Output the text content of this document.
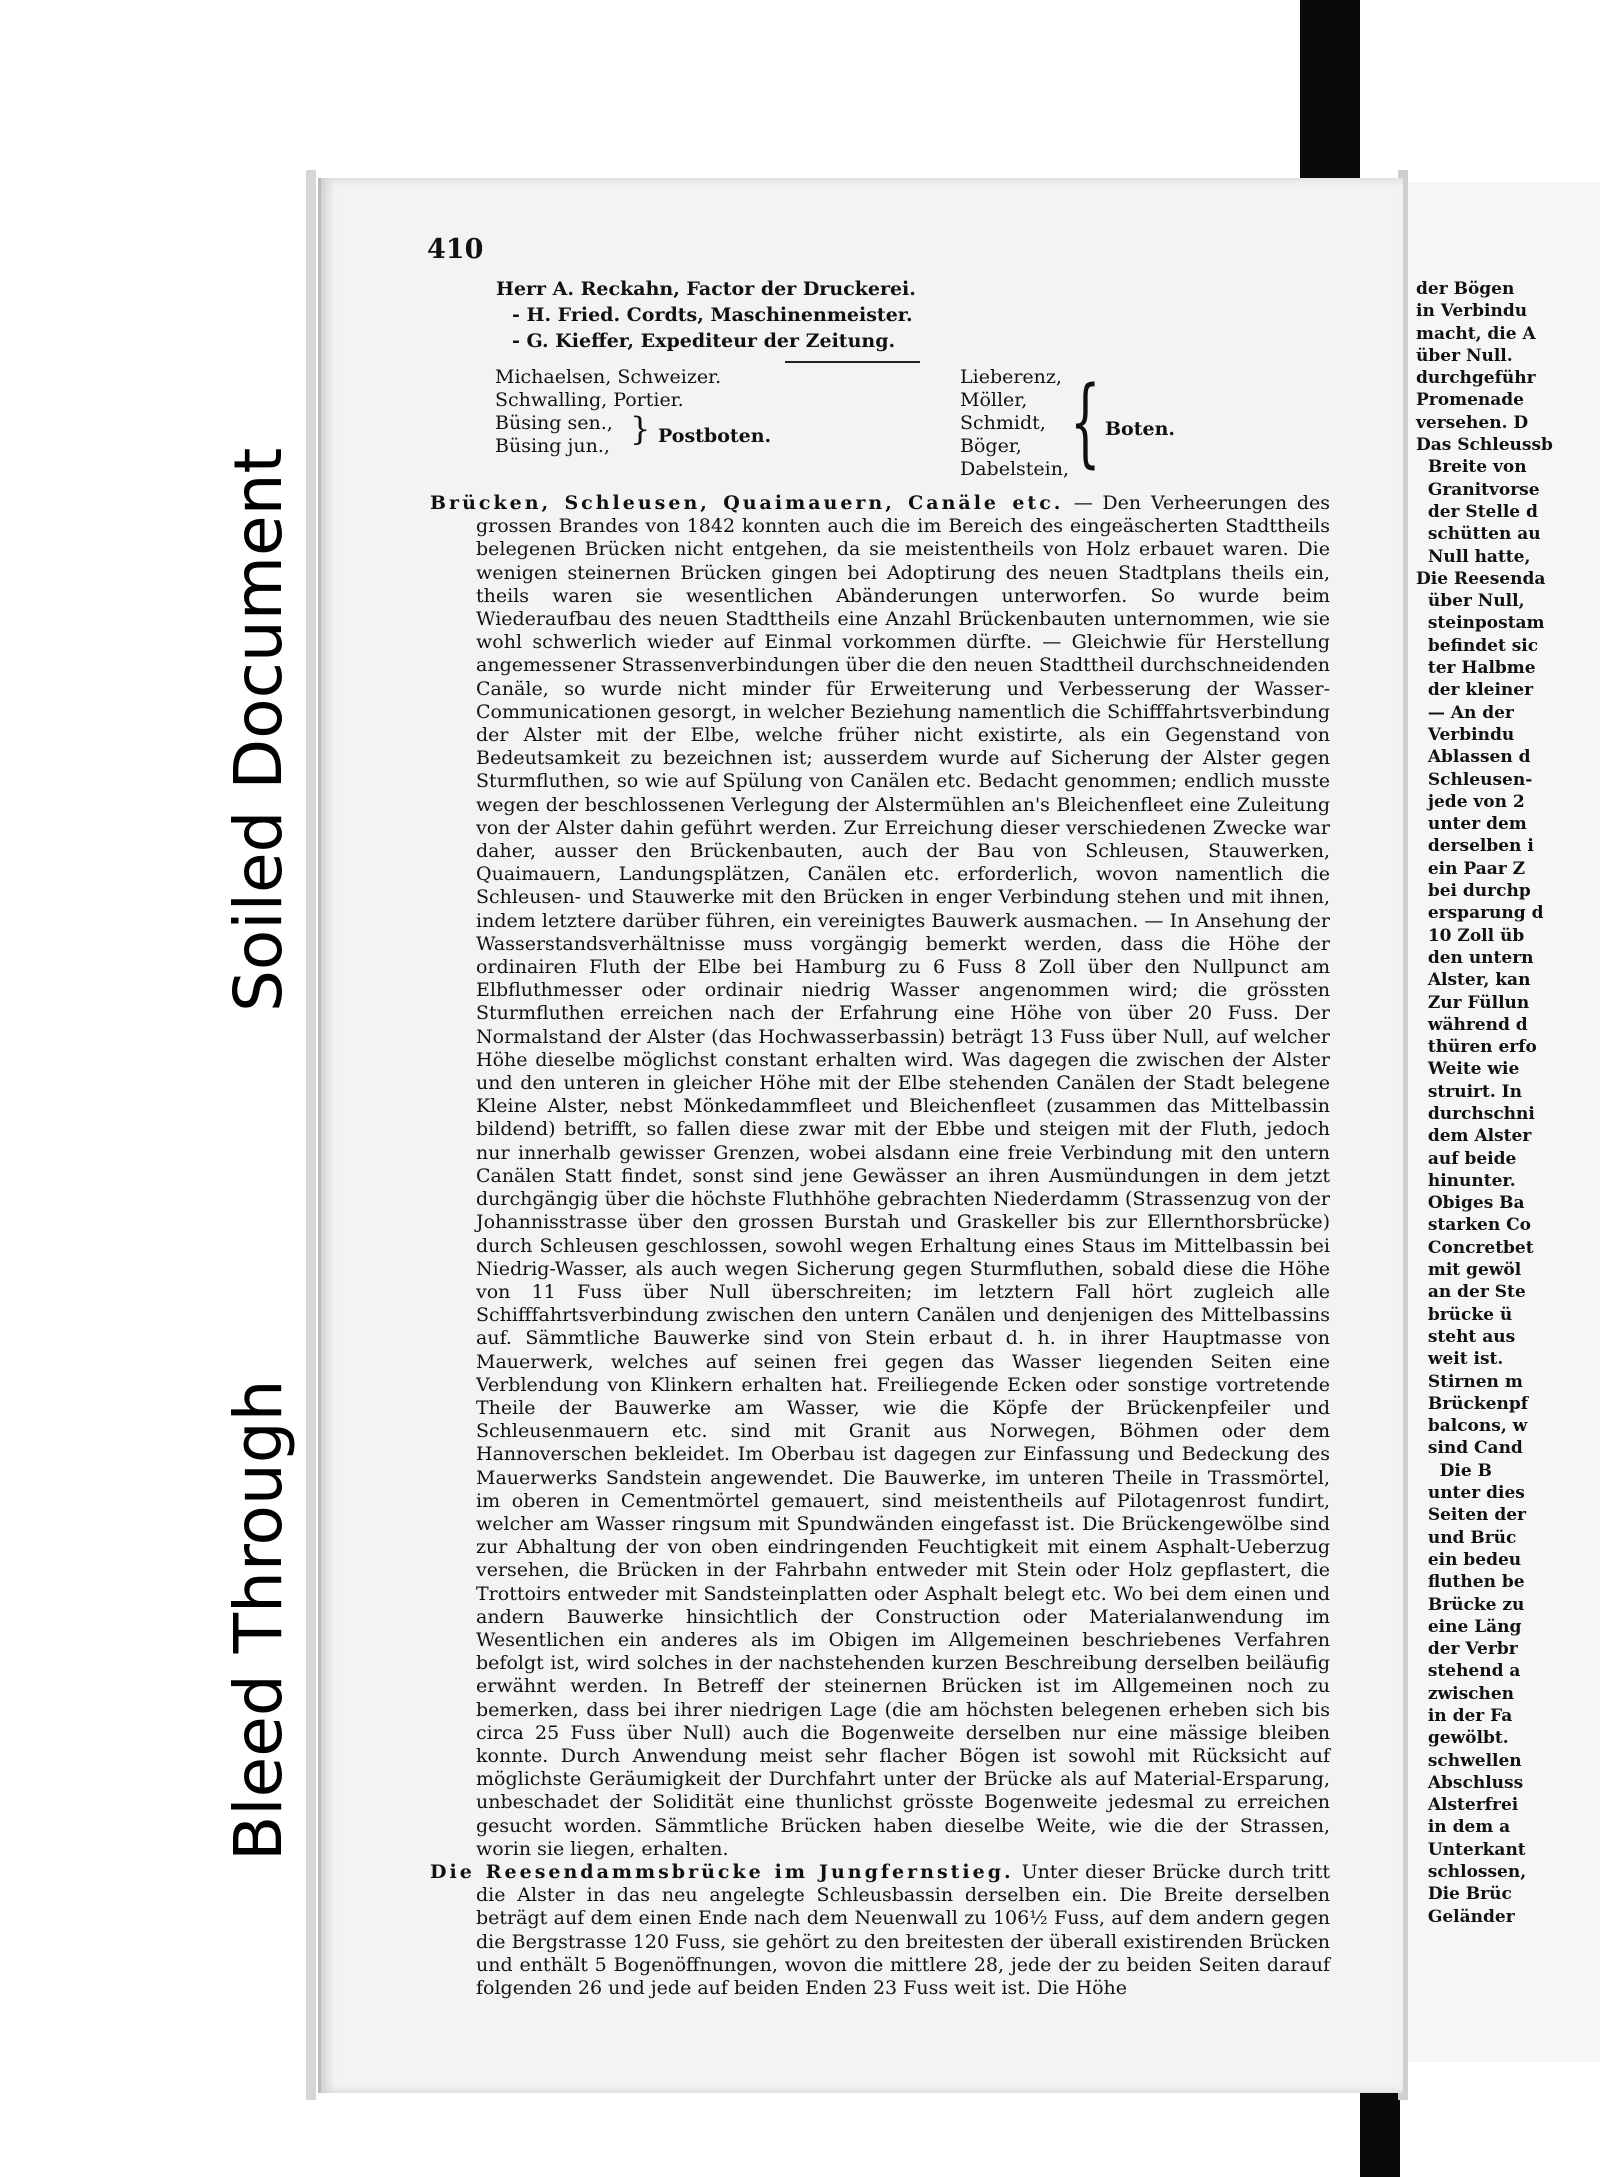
410
Herr A. Reckahn, Factor der Druckerei.
- H. Fried. Cordts, Maschinenmeister.
- G. Kieffer, Expediteur der Zeitung.
Michaelsen, Schweizer.
Schwalling, Portier.
Büsing sen.,
Büsing jun., } Postboten.
Lieberenz,
Möller,
Schmidt,
Böger,
Dabelstein, { Boten.

Brücken, Schleusen, Quaimauern, Canäle etc. — Den Verheerungen des grossen Brandes von 1842 konnten auch die im Bereich des eingeäscherten Stadttheils belegenen Brücken nicht entgehen, da sie meistentheils von Holz erbauet waren. Die wenigen steinernen Brücken gingen bei Adoptirung des neuen Stadtplans theils ein, theils waren sie wesentlichen Abänderungen unterworfen. So wurde beim Wiederaufbau des neuen Stadttheils eine Anzahl Brückenbauten unternommen, wie sie wohl schwerlich wieder auf Einmal vorkommen dürfte. — Gleichwie für Herstellung angemessener Strassenverbindungen über die den neuen Stadttheil durchschneidenden Canäle, so wurde nicht minder für Erweiterung und Verbesserung der Wasser-Communicationen gesorgt, in welcher Beziehung namentlich die Schifffahrtsverbindung der Alster mit der Elbe, welche früher nicht existirte, als ein Gegenstand von Bedeutsamkeit zu bezeichnen ist; ausserdem wurde auf Sicherung der Alster gegen Sturmfluthen, so wie auf Spülung von Canälen etc. Bedacht genommen; endlich musste wegen der beschlossenen Verlegung der Alstermühlen an's Bleichenfleet eine Zuleitung von der Alster dahin geführt werden. Zur Erreichung dieser verschiedenen Zwecke war daher, ausser den Brückenbauten, auch der Bau von Schleusen, Stauwerken, Quaimauern, Landungsplätzen, Canälen etc. erforderlich, wovon namentlich die Schleusen- und Stauwerke mit den Brücken in enger Verbindung stehen und mit ihnen, indem letztere darüber führen, ein vereinigtes Bauwerk ausmachen. — In Ansehung der Wasserstandsverhältnisse muss vorgängig bemerkt werden, dass die Höhe der ordinairen Fluth der Elbe bei Hamburg zu 6 Fuss 8 Zoll über den Nullpunct am Elbfluthmesser oder ordinair niedrig Wasser angenommen wird; die grössten Sturmfluthen erreichen nach der Erfahrung eine Höhe von über 20 Fuss. Der Normalstand der Alster (das Hochwasserbassin) beträgt 13 Fuss über Null, auf welcher Höhe dieselbe möglichst constant erhalten wird. Was dagegen die zwischen der Alster und den unteren in gleicher Höhe mit der Elbe stehenden Canälen der Stadt belegene Kleine Alster, nebst Mönkedammfleet und Bleichenfleet (zusammen das Mittelbassin bildend) betrifft, so fallen diese zwar mit der Ebbe und steigen mit der Fluth, jedoch nur innerhalb gewisser Grenzen, wobei alsdann eine freie Verbindung mit den untern Canälen Statt findet, sonst sind jene Gewässer an ihren Ausmündungen in dem jetzt durchgängig über die höchste Fluthhöhe gebrachten Niederdamm (Strassenzug von der Johannisstrasse über den grossen Burstah und Graskeller bis zur Ellernthorsbrücke) durch Schleusen geschlossen, sowohl wegen Erhaltung eines Staus im Mittelbassin bei Niedrig-Wasser, als auch wegen Sicherung gegen Sturmfluthen, sobald diese die Höhe von 11 Fuss über Null überschreiten; im letztern Fall hört zugleich alle Schifffahrtsverbindung zwischen den untern Canälen und denjenigen des Mittelbassins auf. Sämmtliche Bauwerke sind von Stein erbaut d. h. in ihrer Hauptmasse von Mauerwerk, welches auf seinen frei gegen das Wasser liegenden Seiten eine Verblendung von Klinkern erhalten hat. Freiliegende Ecken oder sonstige vortretende Theile der Bauwerke am Wasser, wie die Köpfe der Brückenpfeiler und Schleusenmauern etc. sind mit Granit aus Norwegen, Böhmen oder dem Hannoverschen bekleidet. Im Oberbau ist dagegen zur Einfassung und Bedeckung des Mauerwerks Sandstein angewendet. Die Bauwerke, im unteren Theile in Trassmörtel, im oberen in Cementmörtel gemauert, sind meistentheils auf Pilotagenrost fundirt, welcher am Wasser ringsum mit Spundwänden eingefasst ist. Die Brückengewölbe sind zur Abhaltung der von oben eindringenden Feuchtigkeit mit einem Asphalt-Ueberzug versehen, die Brücken in der Fahrbahn entweder mit Stein oder Holz gepflastert, die Trottoirs entweder mit Sandsteinplatten oder Asphalt belegt etc. Wo bei dem einen und andern Bauwerke hinsichtlich der Construction oder Materialanwendung im Wesentlichen ein anderes als im Obigen im Allgemeinen beschriebenes Verfahren befolgt ist, wird solches in der nachstehenden kurzen Beschreibung derselben beiläufig erwähnt werden. In Betreff der steinernen Brücken ist im Allgemeinen noch zu bemerken, dass bei ihrer niedrigen Lage (die am höchsten belegenen erheben sich bis circa 25 Fuss über Null) auch die Bogenweite derselben nur eine mässige bleiben konnte. Durch Anwendung meist sehr flacher Bögen ist sowohl mit Rücksicht auf möglichste Geräumigkeit der Durchfahrt unter der Brücke als auf Material-Ersparung, unbeschadet der Solidität eine thunlichst grösste Bogenweite jedesmal zu erreichen gesucht worden. Sämmtliche Brücken haben dieselbe Weite, wie die der Strassen, worin sie liegen, erhalten.

Die Reesendammsbrücke im Jungfernstieg. Unter dieser Brücke durch tritt die Alster in das neu angelegte Schleusbassin derselben ein. Die Breite derselben beträgt auf dem einen Ende nach dem Neuenwall zu 106½ Fuss, auf dem andern gegen die Bergstrasse 120 Fuss, sie gehört zu den breitesten der überall existirenden Brücken und enthält 5 Bogenöffnungen, wovon die mittlere 28, jede der zu beiden Seiten darauf folgenden 26 und jede auf beiden Enden 23 Fuss weit ist. Die Höhe

der Bögen
in Verbindu
macht, die A
über Null.
durchgeführ
Promenade
versehen. D
Das Schleussb
Breite von
Granitvorse
der Stelle d
schütten au
Null hatte,
Die Reesenda
über Null,
steinpostam
befindet sic
ter Halbme
der kleiner
— An der
Verbindu
Ablassen d
Schleusen-
jede von 2
unter dem
derselben i
ein Paar Z
bei durchp
ersparung d
10 Zoll üb
den untern
Alster, kan
Zur Füllun
während d
thüren erfo
Weite wie
struirt. In
durchschni
dem Alster
auf beide
hinunter.
Obiges Ba
starken Co
Concretbet
mit gewöl
an der Ste
brücke ü
steht aus
weit ist.
Stirnen m
Brückenpf
balcons, w
sind Cand
Die B
unter dies
Seiten der
und Brüc
ein bedeu
fluthen be
Brücke zu
eine Läng
der Verbr
stehend a
zwischen
in der Fa
gewölbt.
schwellen
Abschluss
Alsterfrei
in dem a
Unterkant
schlossen,
Die Brüc
Geländer
Soiled Document
Bleed Through
